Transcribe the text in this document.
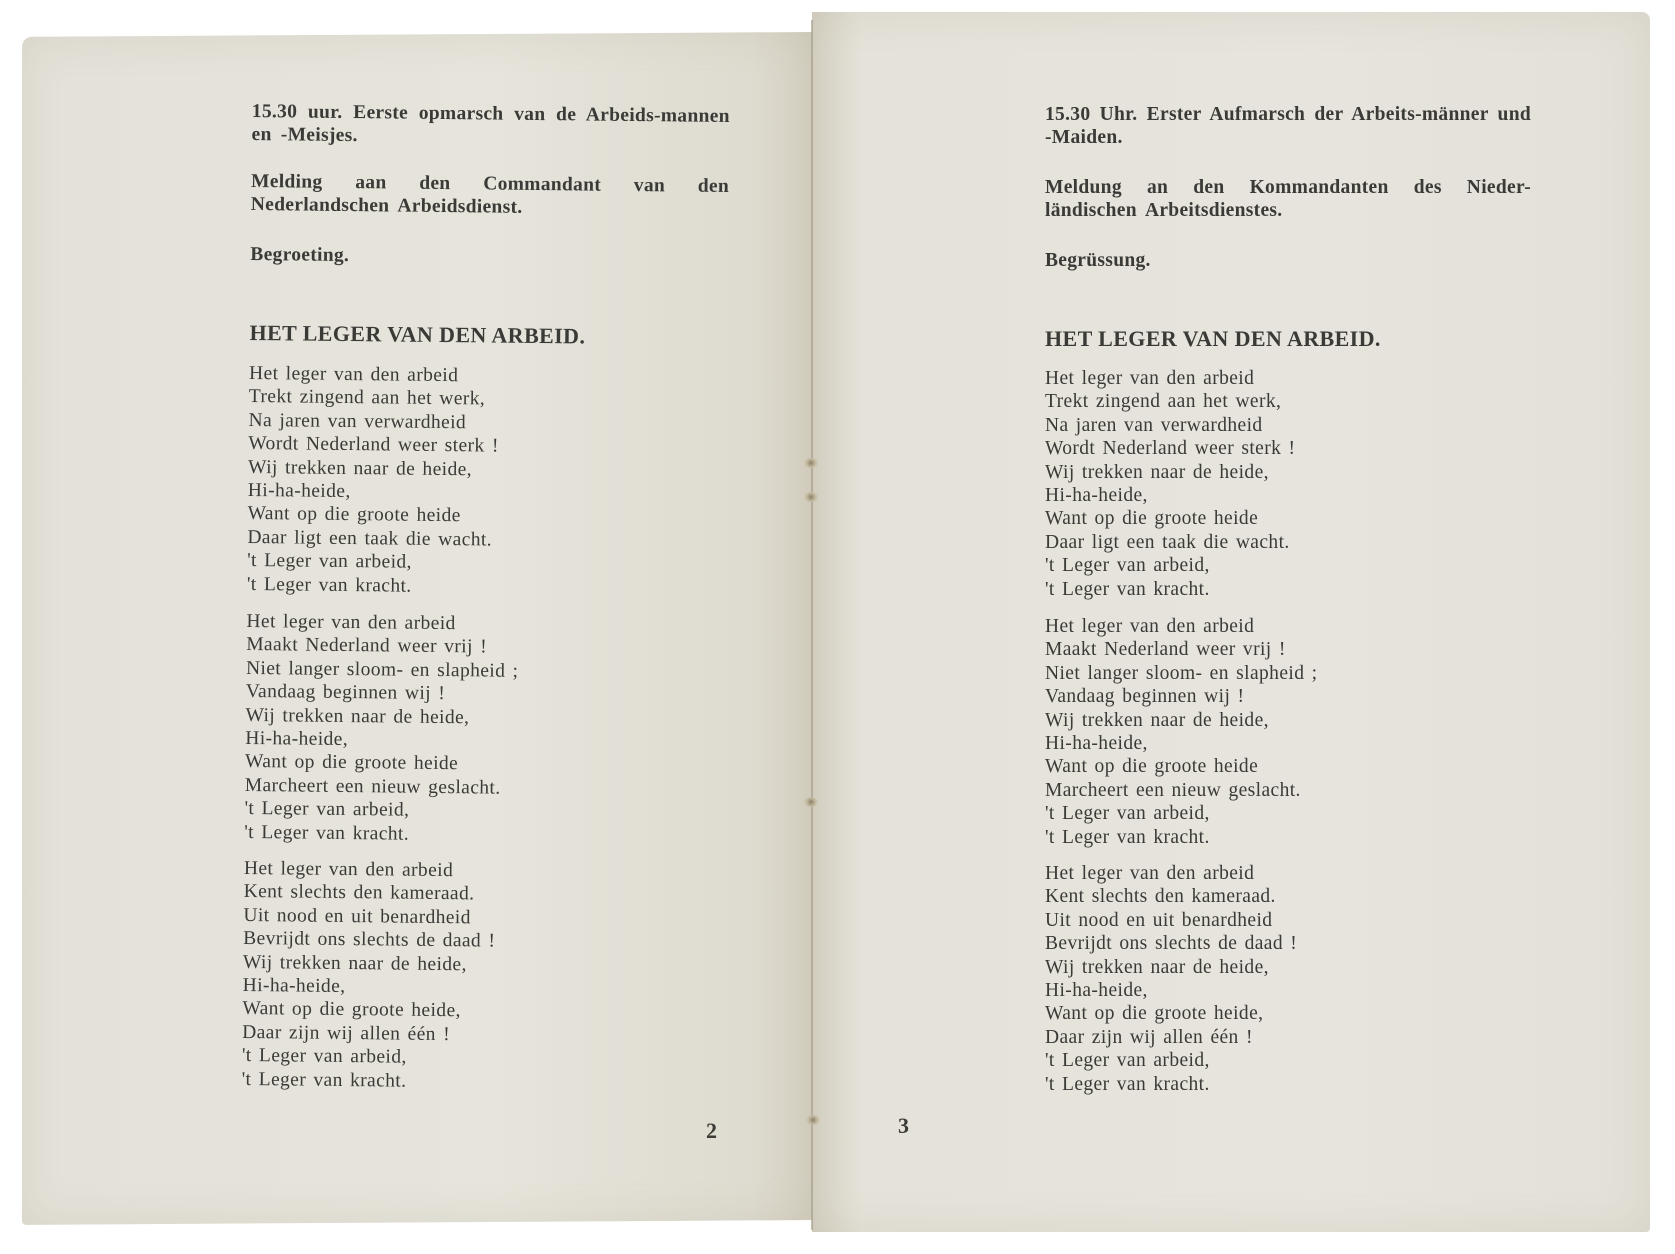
15.30 uur. Eerste opmarsch van de Arbeids-mannen en -Meisjes.

Melding aan den Commandant van den Nederlandschen Arbeidsdienst.

Begroeting.

HET LEGER VAN DEN ARBEID.
Het leger van den arbeid
Trekt zingend aan het werk,
Na jaren van verwardheid
Wordt Nederland weer sterk !
Wij trekken naar de heide,
Hi-ha-heide,
Want op die groote heide
Daar ligt een taak die wacht.
't Leger van arbeid,
't Leger van kracht.
Het leger van den arbeid
Maakt Nederland weer vrij !
Niet langer sloom- en slapheid ;
Vandaag beginnen wij !
Wij trekken naar de heide,
Hi-ha-heide,
Want op die groote heide
Marcheert een nieuw geslacht.
't Leger van arbeid,
't Leger van kracht.
Het leger van den arbeid
Kent slechts den kameraad.
Uit nood en uit benardheid
Bevrijdt ons slechts de daad !
Wij trekken naar de heide,
Hi-ha-heide,
Want op die groote heide,
Daar zijn wij allen één !
't Leger van arbeid,
't Leger van kracht.
2

15.30 Uhr. Erster Aufmarsch der Arbeits-männer und -Maiden.

Meldung an den Kommandanten des Nieder-ländischen Arbeitsdienstes.

Begrüssung.

HET LEGER VAN DEN ARBEID.
Het leger van den arbeid
Trekt zingend aan het werk,
Na jaren van verwardheid
Wordt Nederland weer sterk !
Wij trekken naar de heide,
Hi-ha-heide,
Want op die groote heide
Daar ligt een taak die wacht.
't Leger van arbeid,
't Leger van kracht.
Het leger van den arbeid
Maakt Nederland weer vrij !
Niet langer sloom- en slapheid ;
Vandaag beginnen wij !
Wij trekken naar de heide,
Hi-ha-heide,
Want op die groote heide
Marcheert een nieuw geslacht.
't Leger van arbeid,
't Leger van kracht.
Het leger van den arbeid
Kent slechts den kameraad.
Uit nood en uit benardheid
Bevrijdt ons slechts de daad !
Wij trekken naar de heide,
Hi-ha-heide,
Want op die groote heide,
Daar zijn wij allen één !
't Leger van arbeid,
't Leger van kracht.
3
